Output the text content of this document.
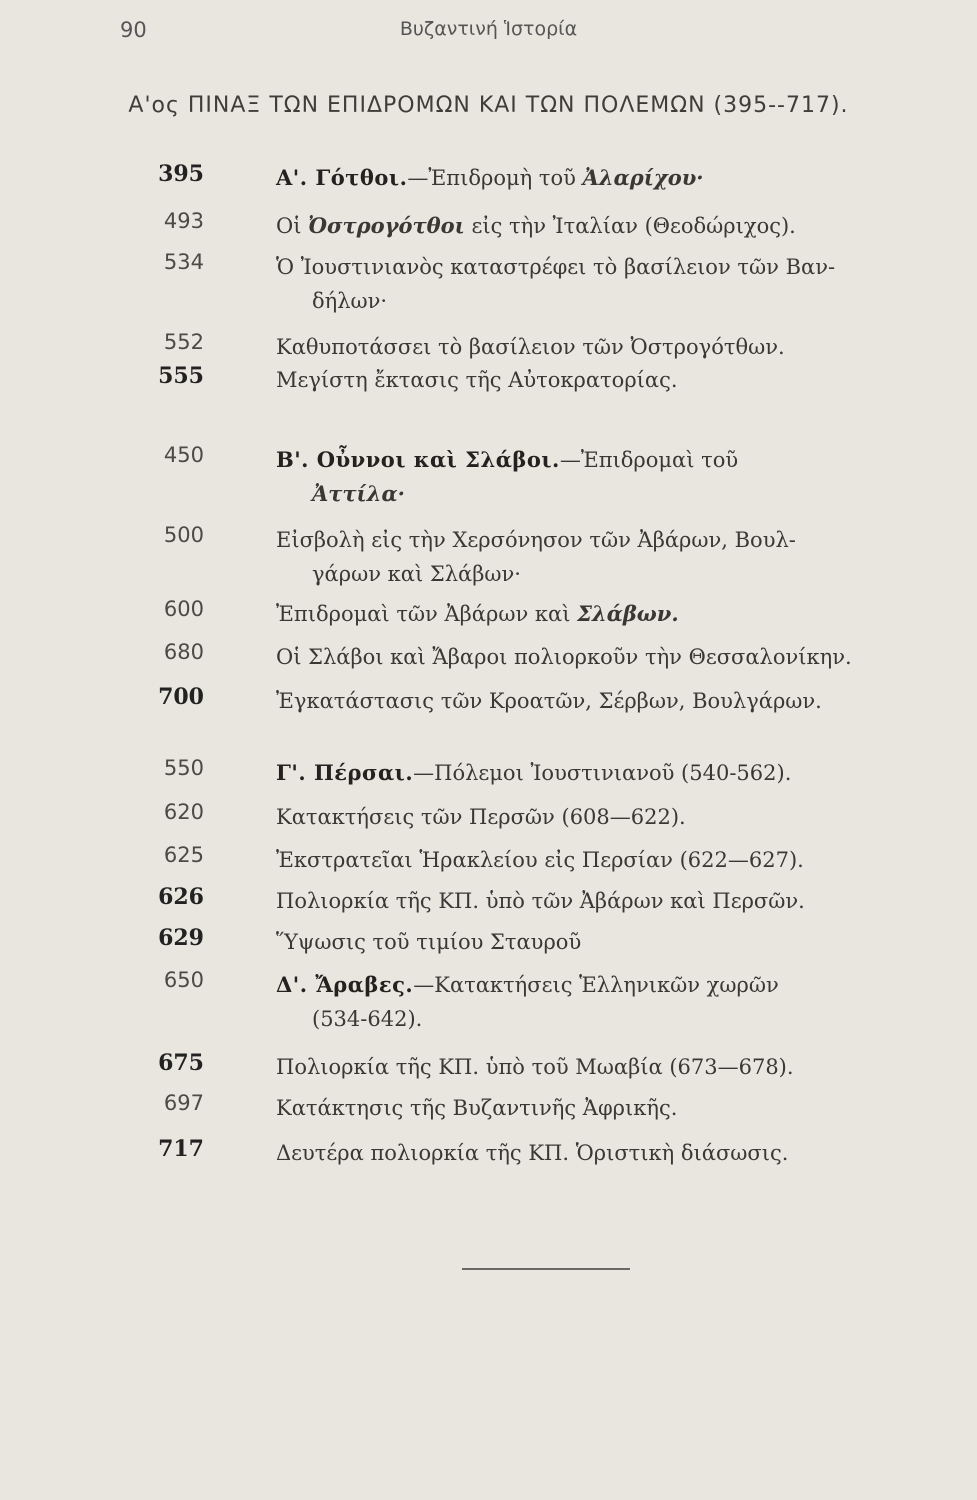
90	Βυζαντινή Ἱστορία
Α'ος ΠΙΝΑΞ ΤΩΝ ΕΠΙΔΡΟΜΩΝ ΚΑΙ ΤΩΝ ΠΟΛΕΜΩΝ (395--717).
395	Α'. Γότθοι.—Ἐπιδρομὴ τοῦ Ἀλαρίχου·
493	Οἱ Ὀστρογότθοι εἰς τὴν Ἰταλίαν (Θεοδώριχος).
534	Ὁ Ἰουστινιανὸς καταστρέφει τὸ βασίλειον τῶν Βαν-
δήλων·
552	Καθυποτάσσει τὸ βασίλειον τῶν Ὀστρογότθων.
555	Μεγίστη ἔκτασις τῆς Αὐτοκρατορίας.
450	Β'. Οὖννοι καὶ Σλάβοι.—Ἐπιδρομαὶ τοῦ
Ἀττίλα·
500	Εἰσβολὴ εἰς τὴν Χερσόνησον τῶν Ἀβάρων, Βουλ-
γάρων καὶ Σλάβων·
600	Ἐπιδρομαὶ τῶν Ἀβάρων καὶ Σλάβων.
680	Οἱ Σλάβοι καὶ Ἄβαροι πολιορκοῦν τὴν Θεσσαλονίκην.
700	Ἐγκατάστασις τῶν Κροατῶν, Σέρβων, Βουλγάρων.
550	Γ'. Πέρσαι.—Πόλεμοι Ἰουστινιανοῦ (540-562).
620	Κατακτήσεις τῶν Περσῶν (608—622).
625	Ἐκστρατεῖαι Ἡρακλείου εἰς Περσίαν (622—627).
626	Πολιορκία τῆς ΚΠ. ὑπὸ τῶν Ἀβάρων καὶ Περσῶν.
629	Ὕψωσις τοῦ τιμίου Σταυροῦ
650	Δ'. Ἄραβες.—Κατακτήσεις Ἑλληνικῶν χωρῶν
(534-642).
675	Πολιορκία τῆς ΚΠ. ὑπὸ τοῦ Μωαβία (673—678).
697	Κατάκτησις τῆς Βυζαντινῆς Ἀφρικῆς.
717	Δευτέρα πολιορκία τῆς ΚΠ. Ὁριστικὴ διάσωσις.
